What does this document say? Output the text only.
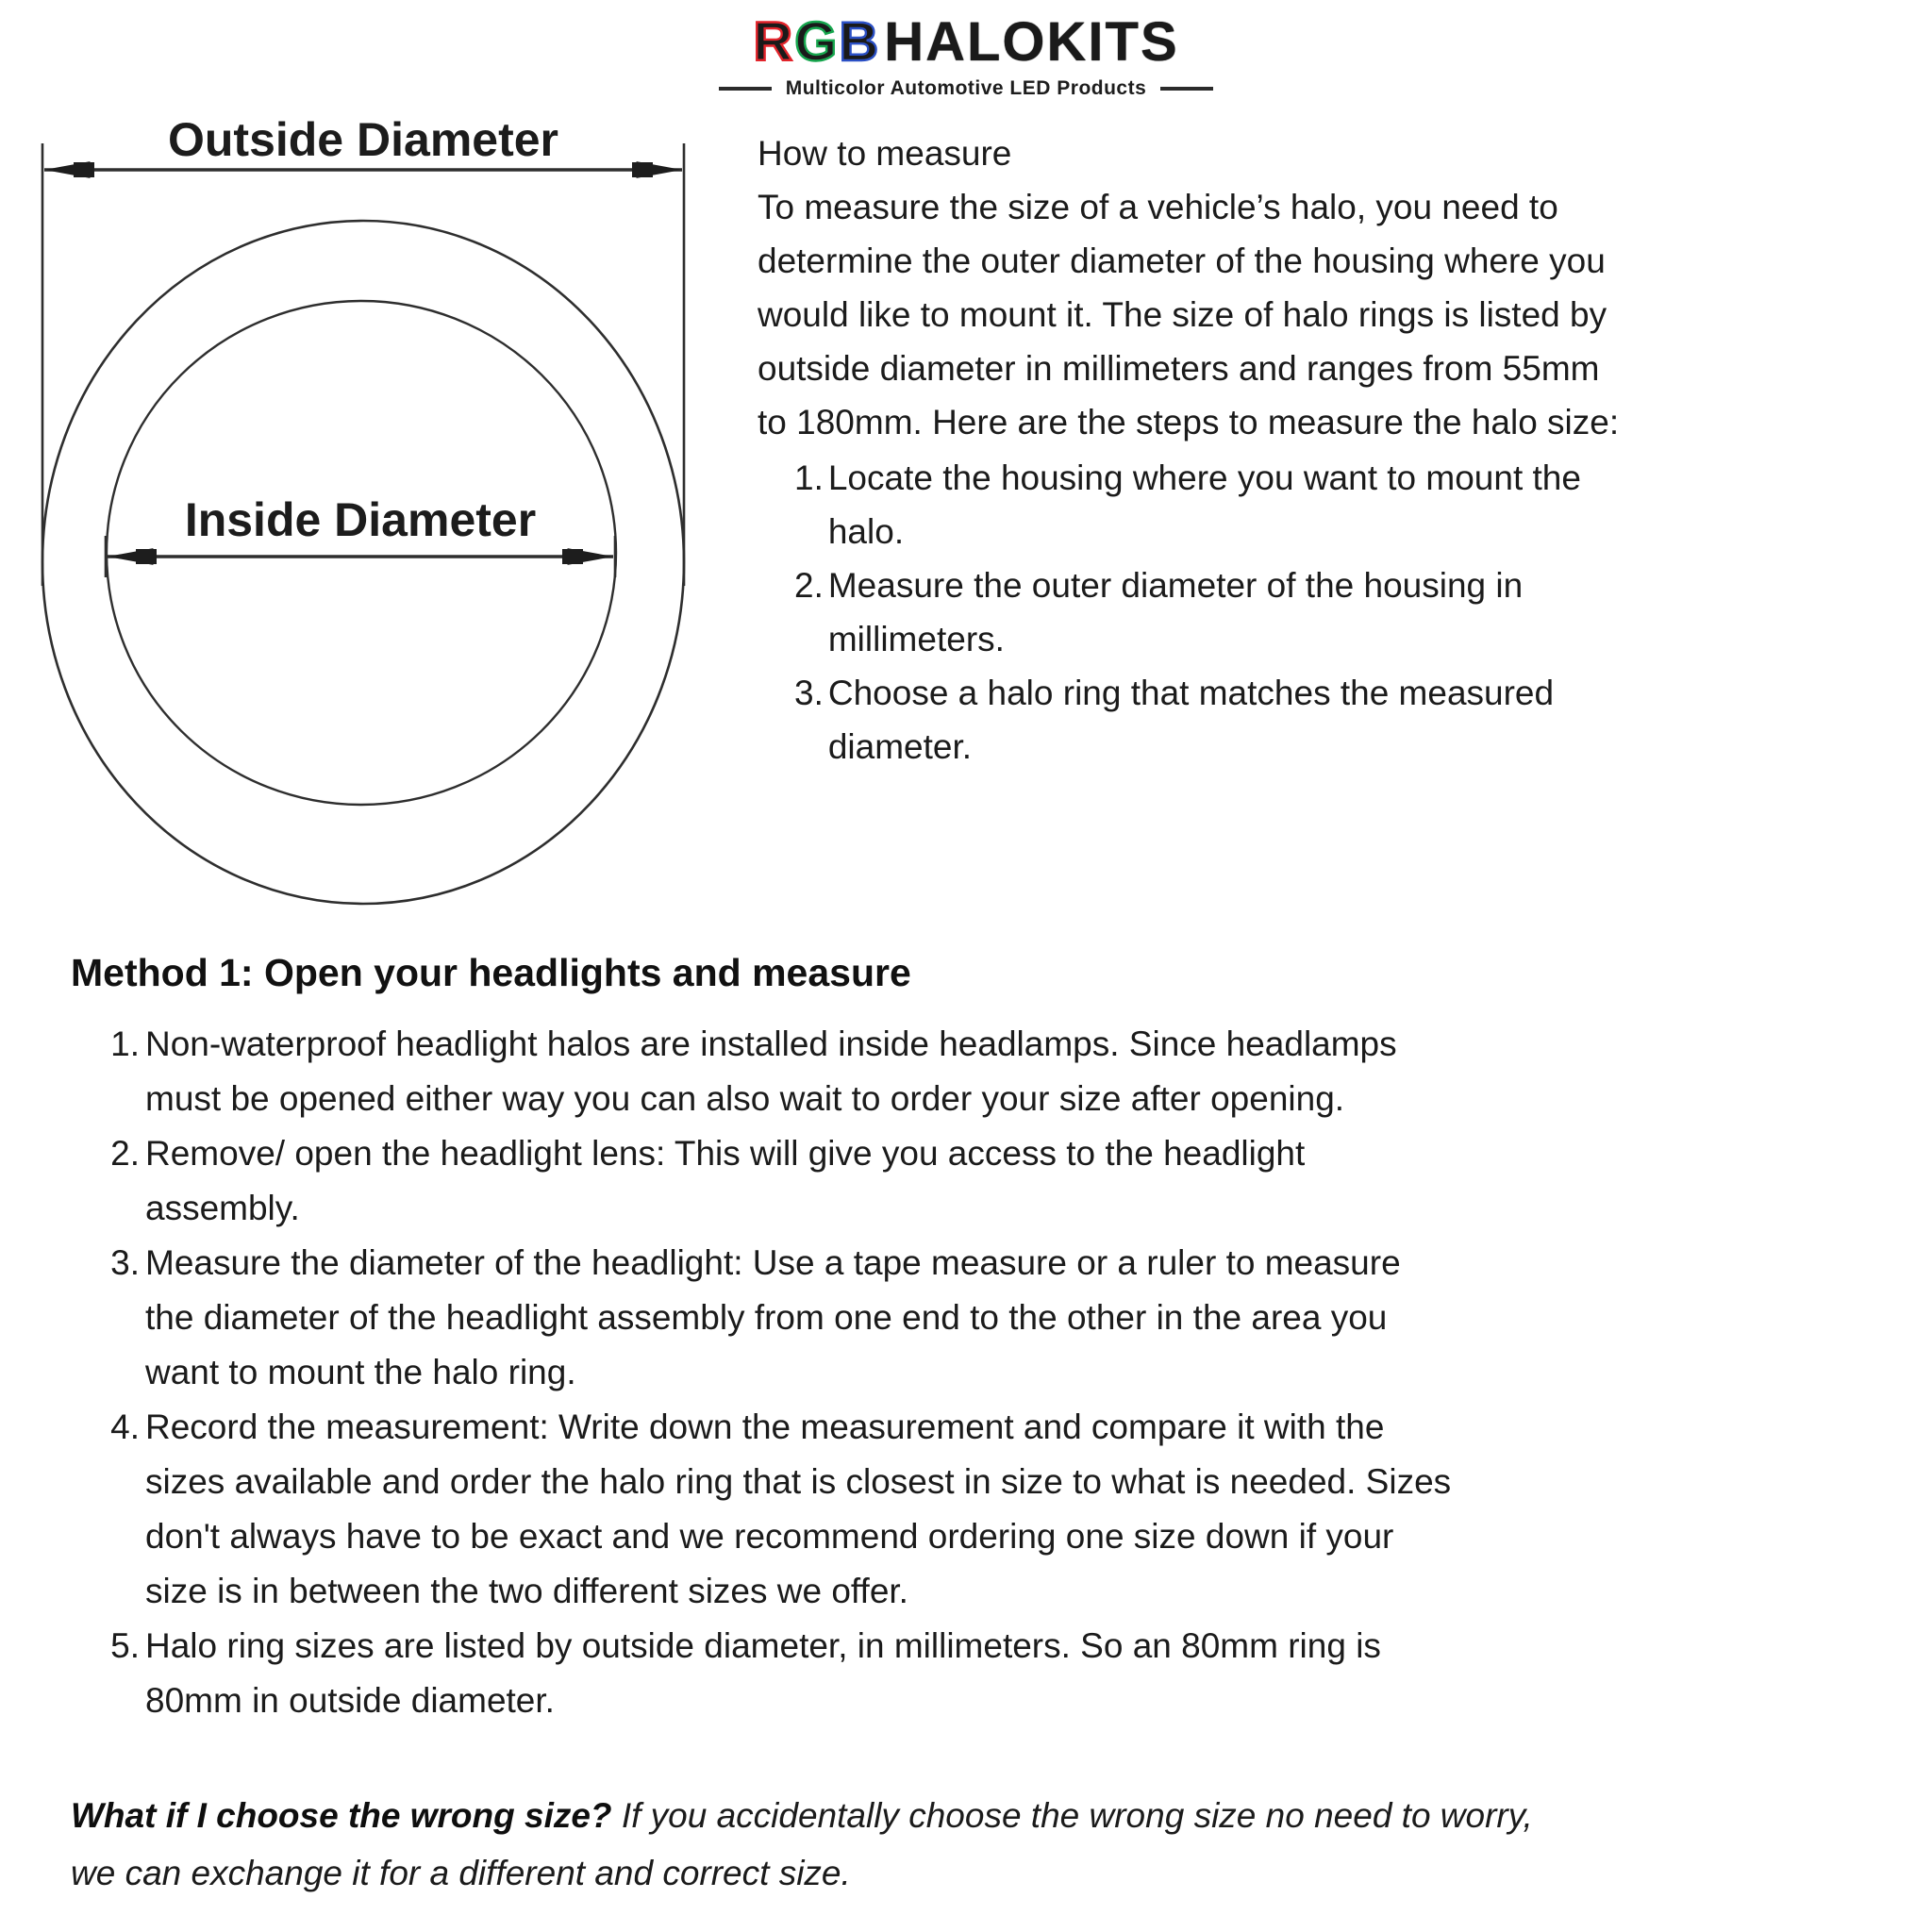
R G B HALOKITS
Multicolor Automotive LED Products
Outside Diameter
Inside Diameter
How to measure
To measure the size of a vehicle’s halo, you need to
determine the outer diameter of the housing where you
would like to mount it. The size of halo rings is listed by
outside diameter in millimeters and ranges from 55mm
to 180mm. Here are the steps to measure the halo size:
1. Locate the housing where you want to mount the
halo.
2. Measure the outer diameter of the housing in
millimeters.
3. Choose a halo ring that matches the measured
diameter.
Method 1: Open your headlights and measure
1. Non-waterproof headlight halos are installed inside headlamps. Since headlamps
must be opened either way you can also wait to order your size after opening.
2. Remove/ open the headlight lens: This will give you access to the headlight
assembly.
3. Measure the diameter of the headlight: Use a tape measure or a ruler to measure
the diameter of the headlight assembly from one end to the other in the area you
want to mount the halo ring.
4. Record the measurement: Write down the measurement and compare it with the
sizes available and order the halo ring that is closest in size to what is needed. Sizes
don't always have to be exact and we recommend ordering one size down if your
size is in between the two different sizes we offer.
5. Halo ring sizes are listed by outside diameter, in millimeters. So an 80mm ring is
80mm in outside diameter.
What if I choose the wrong size? If you accidentally choose the wrong size no need to worry,
we can exchange it for a different and correct size.
